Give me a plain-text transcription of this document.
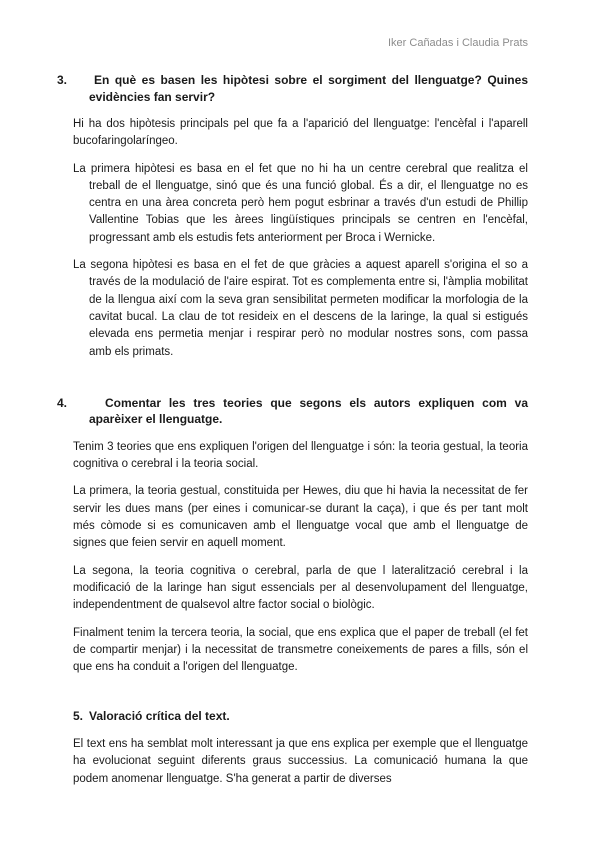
Iker Cañadas i Claudia Prats
3. En què es basen les hipòtesi sobre el sorgiment del llenguatge? Quines evidències fan servir?
Hi ha dos hipòtesis principals pel que fa a l'aparició del llenguatge: l'encèfal i l'aparell bucofaringolaríngeo.
La primera hipòtesi es basa en el fet que no hi ha un centre cerebral que realitza el treball de el llenguatge, sinó que és una funció global. És a dir, el llenguatge no es centra en una àrea concreta però hem pogut esbrinar a través d'un estudi de Phillip Vallentine Tobias que les àrees lingüístiques principals se centren en l'encèfal, progressant amb els estudis fets anteriorment per Broca i Wernicke.
La segona hipòtesi es basa en el fet de que gràcies a aquest aparell s'origina el so a través de la modulació de l'aire espirat. Tot es complementa entre si, l'àmplia mobilitat de la llengua així com la seva gran sensibilitat permeten modificar la morfologia de la cavitat bucal. La clau de tot resideix en el descens de la laringe, la qual si estigués elevada ens permetia menjar i respirar però no modular nostres sons, com passa amb els primats.
4.	Comentar les tres teories que segons els autors expliquen com va aparèixer el llenguatge.
Tenim 3 teories que ens expliquen l'origen del llenguatge i són: la teoria gestual, la teoria cognitiva o cerebral i la teoria social.
La primera, la teoria gestual, constituida per Hewes, diu que hi havia la necessitat de fer servir les dues mans (per eines i comunicar-se durant la caça), i que és per tant molt més còmode si es comunicaven amb el llenguatge vocal que amb el llenguatge de signes que feien servir en aquell moment.
La segona, la teoria cognitiva o cerebral, parla de que l lateralització cerebral i la modificació de la laringe han sigut essencials per al desenvolupament del llenguatge, independentment de qualsevol altre factor social o biològic.
Finalment tenim la tercera teoria, la social, que ens explica que el paper de treball (el fet de compartir menjar) i la necessitat de transmetre coneixements de pares a fills, són el que ens ha conduit a l'origen del llenguatge.
5. Valoració crítica del text.
El text ens ha semblat molt interessant ja que ens explica per exemple que el llenguatge ha evolucionat seguint diferents graus successius. La comunicació humana la que podem anomenar llenguatge. S'ha generat a partir de diverses
